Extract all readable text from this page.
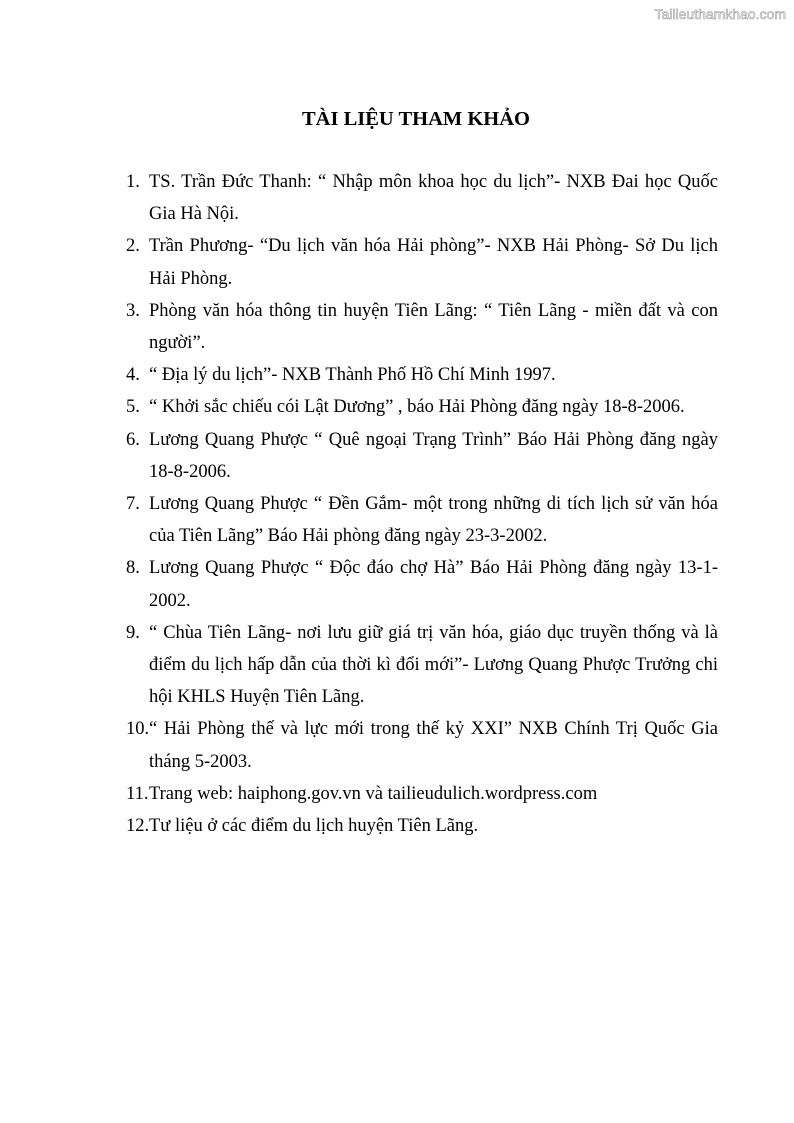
Tailieuthamkhao.com
TÀI LIỆU THAM KHẢO
1. TS. Trần Đức Thanh: “ Nhập môn khoa học du lịch”- NXB Đai học Quốc Gia Hà Nội.
2. Trần Phương- “Du lịch văn hóa Hải phòng”- NXB Hải Phòng- Sở Du lịch Hải Phòng.
3. Phòng văn hóa thông tin huyện Tiên Lãng: “ Tiên Lãng - miền đất và con người”.
4. “ Địa lý du lịch”- NXB Thành Phố Hồ Chí Minh 1997.
5. “ Khởi sắc chiếu cói Lật Dương” , báo Hải Phòng đăng ngày 18-8-2006.
6. Lương Quang Phược “ Quê ngoại Trạng Trình” Báo Hải Phòng đăng ngày 18-8-2006.
7. Lương Quang Phược “ Đền Gắm- một trong những di tích lịch sử văn hóa của Tiên Lãng” Báo Hải phòng đăng ngày 23-3-2002.
8. Lương Quang Phược “ Độc đáo chợ Hà” Báo Hải Phòng đăng ngày 13-1-2002.
9. “ Chùa Tiên Lãng- nơi lưu giữ giá trị văn hóa, giáo dục truyền thống và là điểm du lịch hấp dẫn của thời kì đổi mới”- Lương Quang Phược Trưởng chi hội KHLS Huyện Tiên Lãng.
10. “ Hải Phòng thế và lực mới trong thế kỷ XXI” NXB Chính Trị Quốc Gia tháng 5-2003.
11. Trang web: haiphong.gov.vn và tailieudulich.wordpress.com
12. Tư liệu ở các điểm du lịch huyện Tiên Lãng.
